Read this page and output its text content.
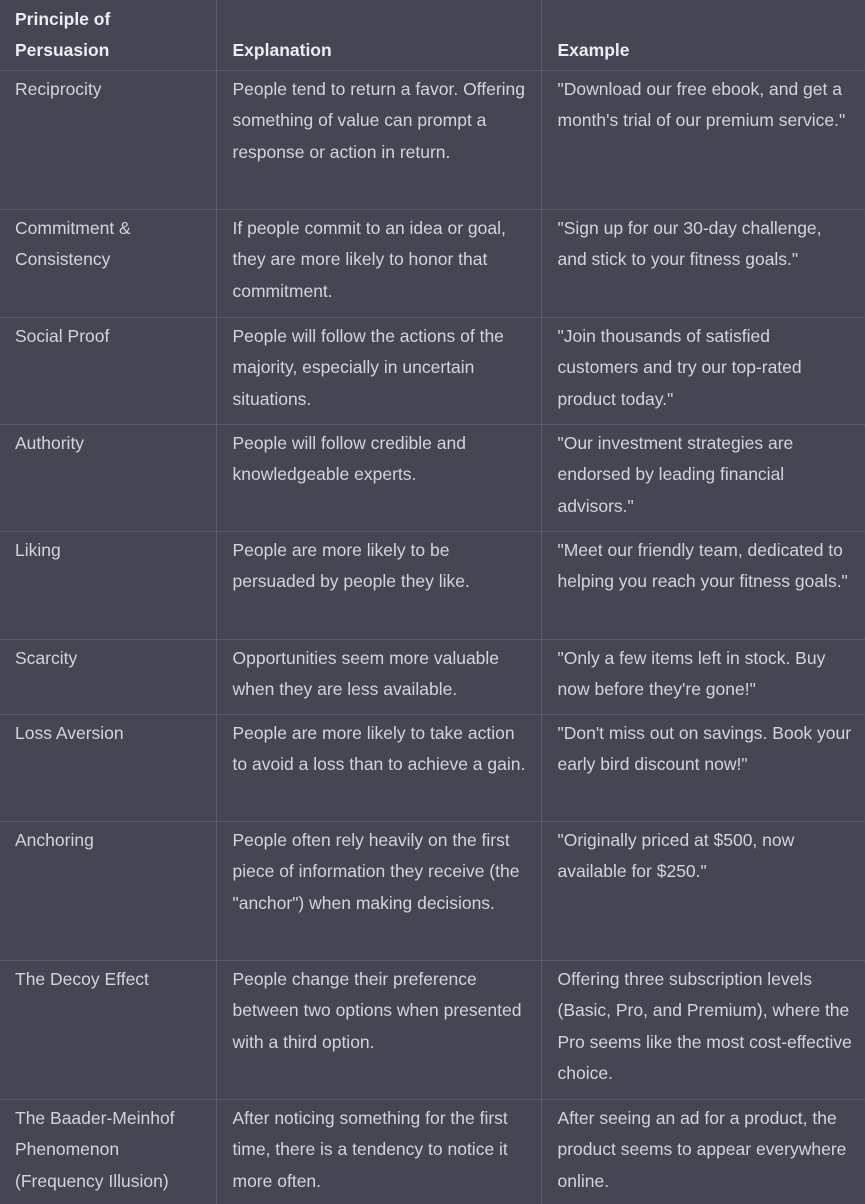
Principle of Persuasion	Explanation	Example
Reciprocity	People tend to return a favor. Offering something of value can prompt a response or action in return.	"Download our free ebook, and get a month's trial of our premium service."
Commitment & Consistency	If people commit to an idea or goal, they are more likely to honor that commitment.	"Sign up for our 30-day challenge, and stick to your fitness goals."
Social Proof	People will follow the actions of the majority, especially in uncertain situations.	"Join thousands of satisfied customers and try our top-rated product today."
Authority	People will follow credible and knowledgeable experts.	"Our investment strategies are endorsed by leading financial advisors."
Liking	People are more likely to be persuaded by people they like.	"Meet our friendly team, dedicated to helping you reach your fitness goals."
Scarcity	Opportunities seem more valuable when they are less available.	"Only a few items left in stock. Buy now before they're gone!"
Loss Aversion	People are more likely to take action to avoid a loss than to achieve a gain.	"Don't miss out on savings. Book your early bird discount now!"
Anchoring	People often rely heavily on the first piece of information they receive (the "anchor") when making decisions.	"Originally priced at $500, now available for $250."
The Decoy Effect	People change their preference between two options when presented with a third option.	Offering three subscription levels (Basic, Pro, and Premium), where the Pro seems like the most cost-effective choice.
The Baader-Meinhof Phenomenon (Frequency Illusion)	After noticing something for the first time, there is a tendency to notice it more often.	After seeing an ad for a product, the product seems to appear everywhere online.
